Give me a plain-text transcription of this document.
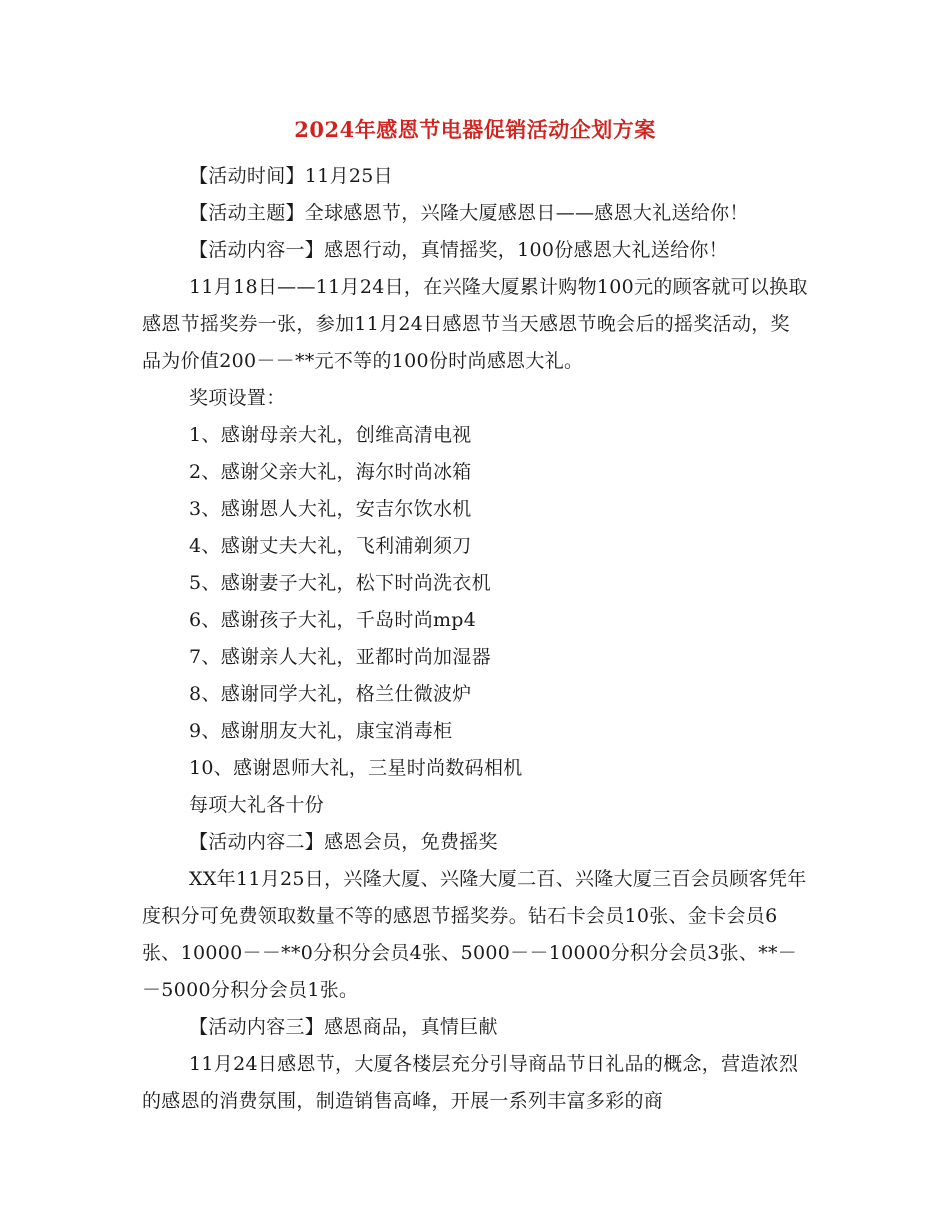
2024年感恩节电器促销活动企划方案

【活动时间】11月25日

【活动主题】全球感恩节，兴隆大厦感恩日——感恩大礼送给你！

【活动内容一】感恩行动，真情摇奖，100份感恩大礼送给你！

11月18日——11月24日，在兴隆大厦累计购物100元的顾客就可以换取感恩节摇奖券一张，参加11月24日感恩节当天感恩节晚会后的摇奖活动，奖品为价值200－－**元不等的100份时尚感恩大礼。

奖项设置：

1、感谢母亲大礼，创维高清电视

2、感谢父亲大礼，海尔时尚冰箱

3、感谢恩人大礼，安吉尔饮水机

4、感谢丈夫大礼，飞利浦剃须刀

5、感谢妻子大礼，松下时尚洗衣机

6、感谢孩子大礼，千岛时尚mp4

7、感谢亲人大礼，亚都时尚加湿器

8、感谢同学大礼，格兰仕微波炉

9、感谢朋友大礼，康宝消毒柜

10、感谢恩师大礼，三星时尚数码相机

每项大礼各十份

【活动内容二】感恩会员，免费摇奖

XX年11月25日，兴隆大厦、兴隆大厦二百、兴隆大厦三百会员顾客凭年度积分可免费领取数量不等的感恩节摇奖券。钻石卡会员10张、金卡会员6张、10000－－**0分积分会员4张、5000－－10000分积分会员3张、**－－5000分积分会员1张。

【活动内容三】感恩商品，真情巨献

11月24日感恩节，大厦各楼层充分引导商品节日礼品的概念，营造浓烈的感恩的消费氛围，制造销售高峰，开展一系列丰富多彩的商
